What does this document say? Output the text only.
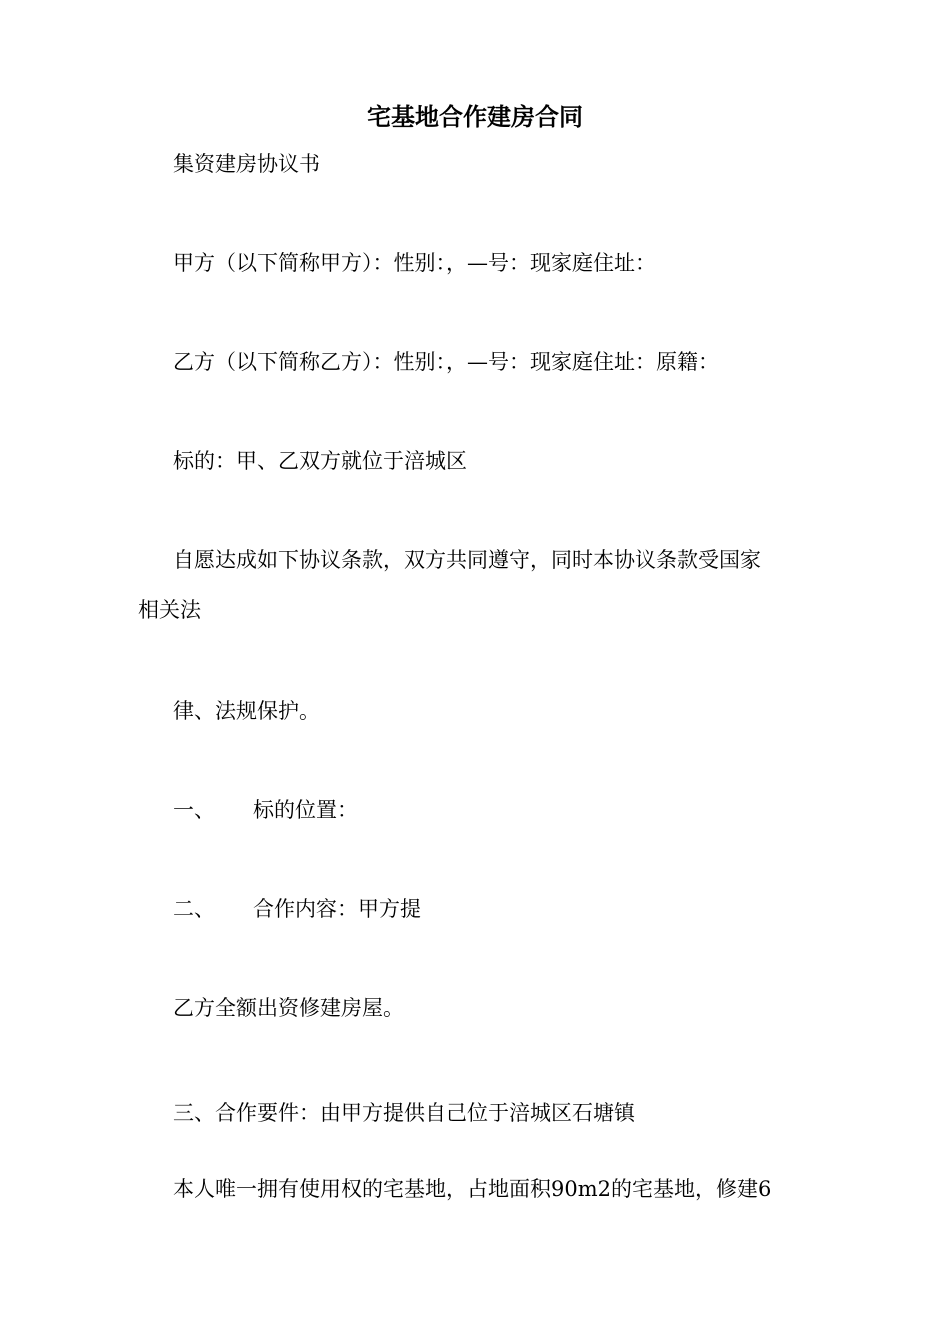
宅基地合作建房合同
集资建房协议书
甲方（以下简称甲方）：性别：，—号：现家庭住址：
乙方（以下简称乙方）：性别：，—号：现家庭住址：原籍：
标的：甲、乙双方就位于涪城区
自愿达成如下协议条款，双方共同遵守，同时本协议条款受国家
相关法
律、法规保护。
一、 标的位置：
二、 合作内容：甲方提
乙方全额出资修建房屋。
三、合作要件：由甲方提供自己位于涪城区石塘镇
本人唯一拥有使用权的宅基地，占地面积90m2的宅基地，修建6
